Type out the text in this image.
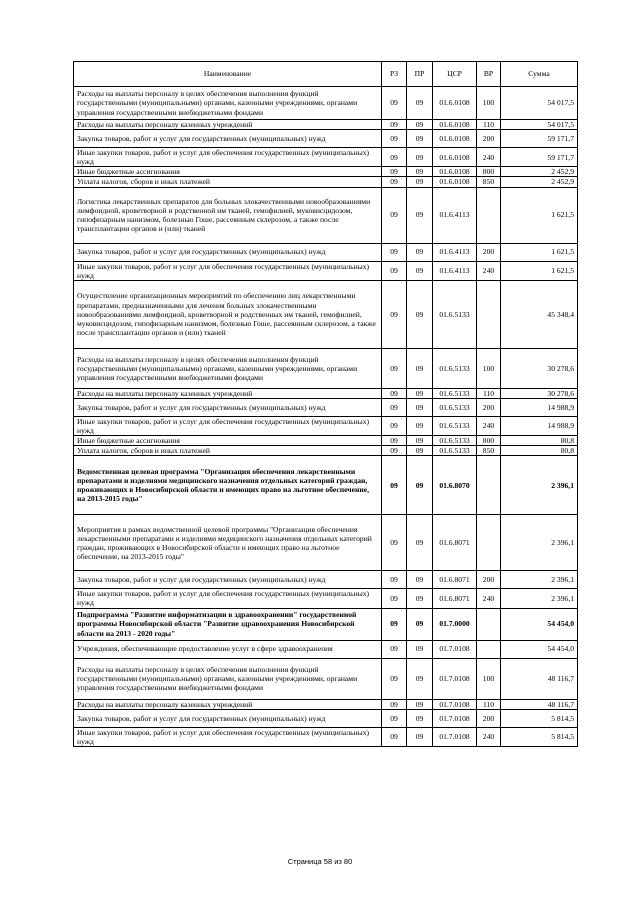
Наименование	РЗ	ПР	ЦСР	ВР	Сумма
Расходы на выплаты персоналу в целях обеспечения выполнения функций государственными (муниципальными) органами, казенными учреждениями, органами управления государственными внебюджетными фондами	09	09	01.6.0108	100	54 017,5
Расходы на выплаты персоналу казенных учреждений	09	09	01.6.0108	110	54 017,5
Закупка товаров, работ и услуг для государственных (муниципальных) нужд	09	09	01.6.0108	200	59 171,7
Иные закупки товаров, работ и услуг для обеспечения государственных (муниципальных) нужд	09	09	01.6.0108	240	59 171,7
Иные бюджетные ассигнования	09	09	01.6.0108	800	2 452,9
Уплата налогов, сборов и иных платежей	09	09	01.6.0108	850	2 452,9
Логистика лекарственных препаратов для больных злокачественными новообразованиями лимфоидной, кроветворной и родственной им тканей, гемофилией, муковисцидозом, гипофизарным нанизмом, болезнью Гоше, рассеянным склерозом, а также после трансплантации органов и (или) тканей	09	09	01.6.4113		1 621,5
Закупка товаров, работ и услуг для государственных (муниципальных) нужд	09	09	01.6.4113	200	1 621,5
Иные закупки товаров, работ и услуг для обеспечения государственных (муниципальных) нужд	09	09	01.6.4113	240	1 621,5
Осуществление организационных мероприятий по обеспечению лиц лекарственными препаратами, предназначенными для лечения больных злокачественными новообразованиями лимфоидной, кроветворной и родственных им тканей, гемофилией, муковисцидозом, гипофизарным нанизмом, болезнью Гоше, рассеянным склерозом, а также после трансплантации органов и (или) тканей	09	09	01.6.5133		45 348,4
Расходы на выплаты персоналу в целях обеспечения выполнения функций государственными (муниципальными) органами, казенными учреждениями, органами управления государственными внебюджетными фондами	09	09	01.6.5133	100	30 278,6
Расходы на выплаты персоналу казенных учреждений	09	09	01.6.5133	110	30 278,6
Закупка товаров, работ и услуг для государственных (муниципальных) нужд	09	09	01.6.5133	200	14 988,9
Иные закупки товаров, работ и услуг для обеспечения государственных (муниципальных) нужд	09	09	01.6.5133	240	14 988,9
Иные бюджетные ассигнования	09	09	01.6.5133	800	80,8
Уплата налогов, сборов и иных платежей	09	09	01.6.5133	850	80,8
Ведомственная целевая программа "Организация обеспечения лекарственными препаратами и изделиями медицинского назначения отдельных категорий граждан, проживающих в Новосибирской области и имеющих право на льготное обеспечение, на 2013-2015 годы"	09	09	01.6.8070		2 396,1
Мероприятия в рамках ведомственной целевой программы "Организация обеспечения лекарственными препаратами и изделиями медицинского назначения отдельных категорий граждан, проживающих в Новосибирской области и имеющих право на льготное обеспечение, на 2013-2015 годы"	09	09	01.6.8071		2 396,1
Закупка товаров, работ и услуг для государственных (муниципальных) нужд	09	09	01.6.8071	200	2 396,1
Иные закупки товаров, работ и услуг для обеспечения государственных (муниципальных) нужд	09	09	01.6.8071	240	2 396,1
Подпрограмма "Развитие информатизации в здравоохранении" государственной программы Новосибирской области "Развитие здравоохранения Новосибирской области на 2013 - 2020 годы"	09	09	01.7.0000		54 454,0
Учреждения, обеспечивающие предоставление услуг в сфере здравоохранения	09	09	01.7.0108		54 454,0
Расходы на выплаты персоналу в целях обеспечения выполнения функций государственными (муниципальными) органами, казенными учреждениями, органами управления государственными внебюджетными фондами	09	09	01.7.0108	100	48 116,7
Расходы на выплаты персоналу казенных учреждений	09	09	01.7.0108	110	48 116,7
Закупка товаров, работ и услуг для государственных (муниципальных) нужд	09	09	01.7.0108	200	5 814,5
Иные закупки товаров, работ и услуг для обеспечения государственных (муниципальных) нужд	09	09	01.7.0108	240	5 814,5
Страница 58 из 80
